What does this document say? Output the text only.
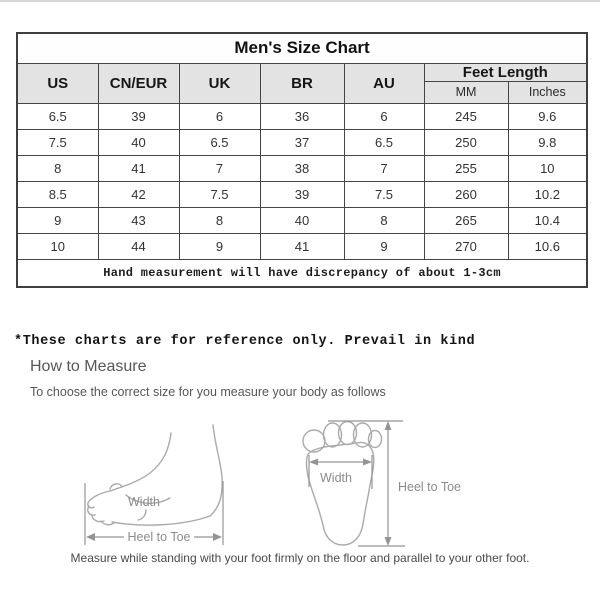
Men's Size Chart						
US	CN/EUR	UK	BR	AU	Feet Length	
					MM	Inches
6.5	39	6	36	6	245	9.6
7.5	40	6.5	37	6.5	250	9.8
8	41	7	38	7	255	10
8.5	42	7.5	39	7.5	260	10.2
9	43	8	40	8	265	10.4
10	44	9	41	9	270	10.6
Hand measurement will have discrepancy of about 1-3cm						
*These charts are for reference only. Prevail in kind
How to Measure
To choose the correct size for you measure your body as follows
Width
Heel to Toe
Width
Heel to Toe
Measure while standing with your foot firmly on the floor and parallel to your other foot.
